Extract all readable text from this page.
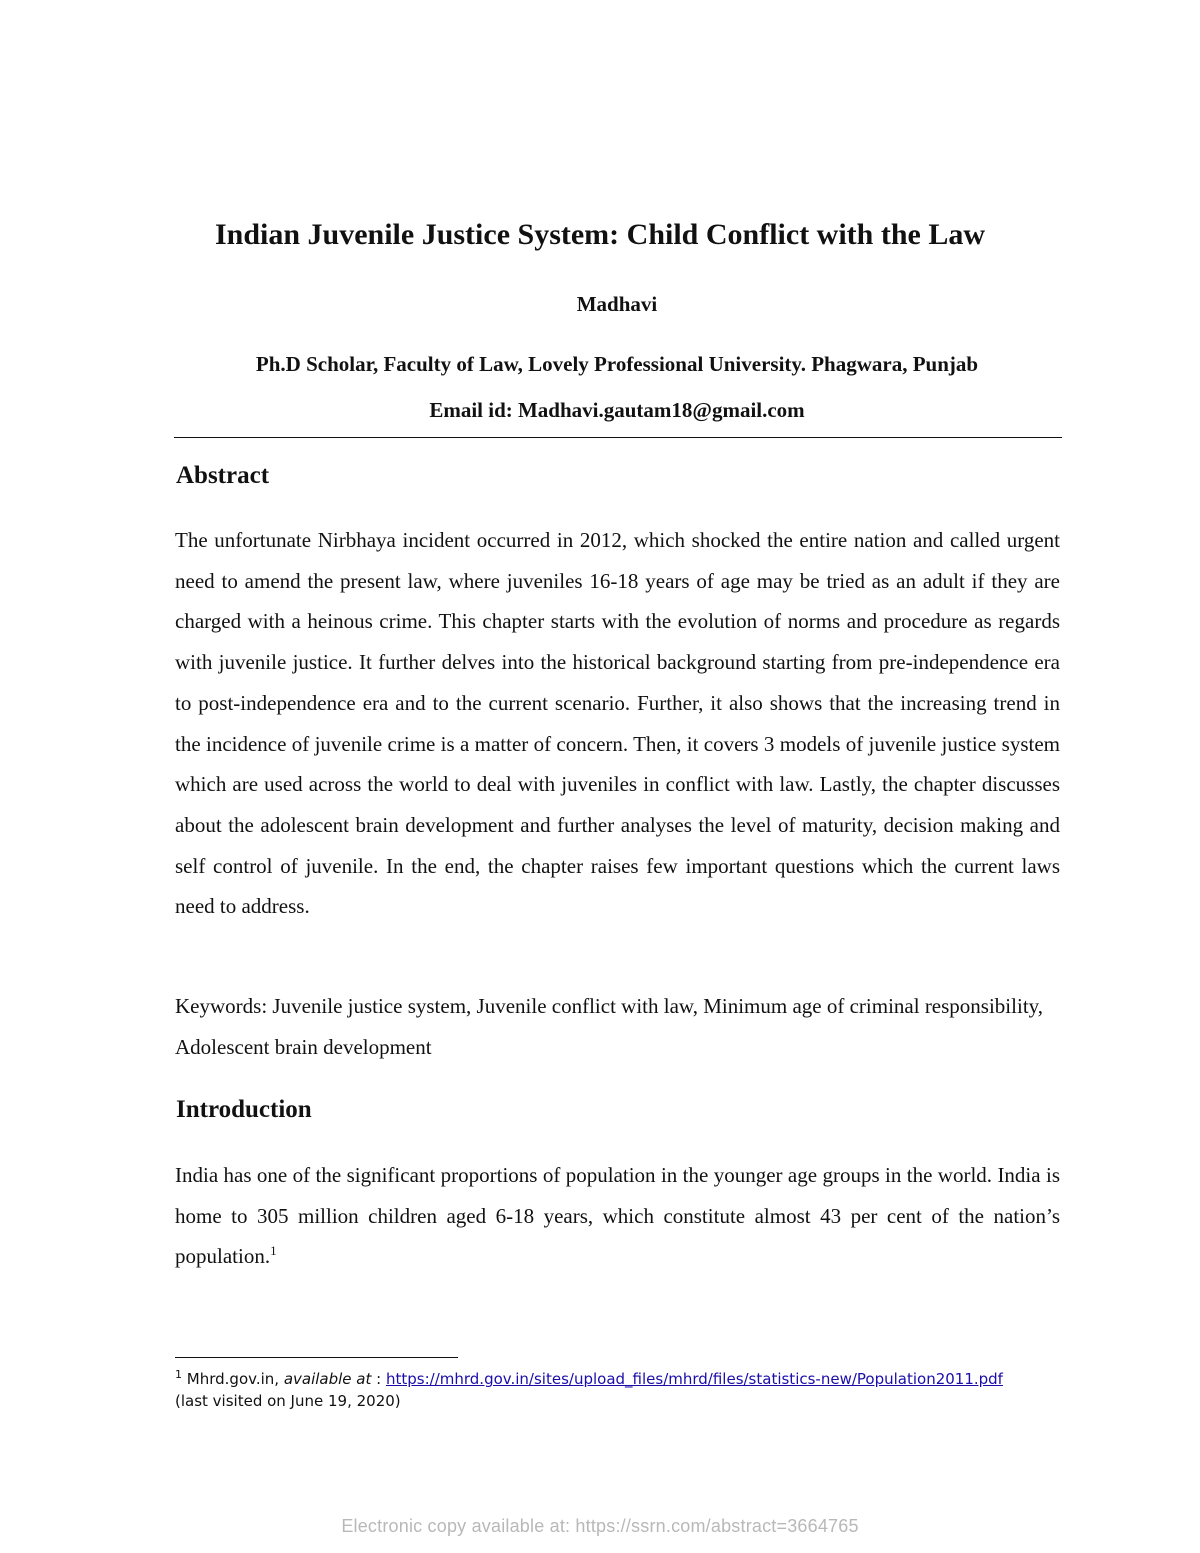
Indian Juvenile Justice System: Child Conflict with the Law
Madhavi
Ph.D Scholar, Faculty of Law, Lovely Professional University. Phagwara, Punjab
Email id: Madhavi.gautam18@gmail.com
Abstract

The unfortunate Nirbhaya incident occurred in 2012, which shocked the entire nation and called urgent need to amend the present law, where juveniles 16-18 years of age may be tried as an adult if they are charged with a heinous crime. This chapter starts with the evolution of norms and procedure as regards with juvenile justice. It further delves into the historical background starting from pre-independence era to post-independence era and to the current scenario. Further, it also shows that the increasing trend in the incidence of juvenile crime is a matter of concern. Then, it covers 3 models of juvenile justice system which are used across the world to deal with juveniles in conflict with law. Lastly, the chapter discusses about the adolescent brain development and further analyses the level of maturity, decision making and self control of juvenile. In the end, the chapter raises few important questions which the current laws need to address.

Keywords: Juvenile justice system, Juvenile conflict with law, Minimum age of criminal responsibility, Adolescent brain development

Introduction

India has one of the significant proportions of population in the younger age groups in the world. India is home to 305 million children aged 6-18 years, which constitute almost 43 per cent of the nation’s population.$^1$

$^1$ Mhrd.gov.in, available at : https://mhrd.gov.in/sites/upload_files/mhrd/files/statistics-new/Population2011.pdf
(last visited on June 19, 2020)
Electronic copy available at: https://ssrn.com/abstract=3664765
